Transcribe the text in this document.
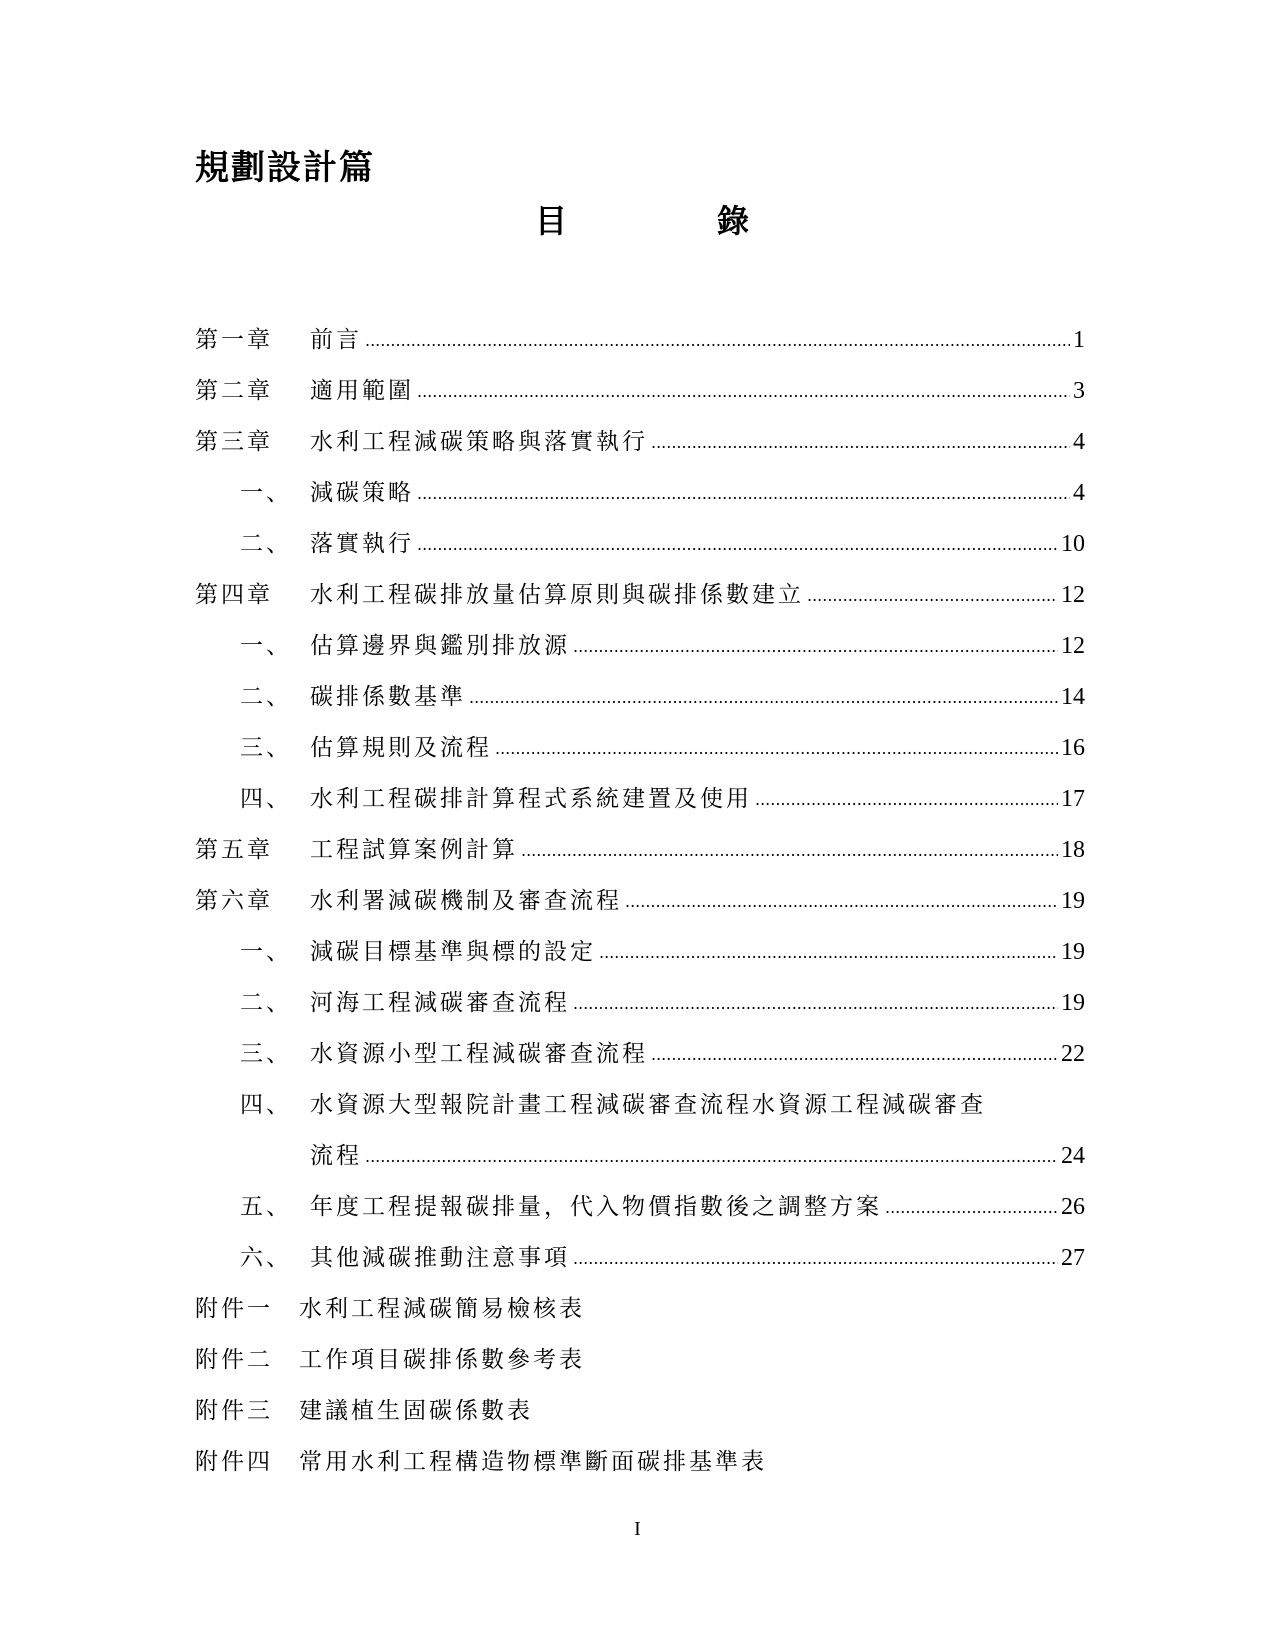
規劃設計篇
目	錄
第一章 前言 .....	1
第二章 適用範圍 .....	3
第三章 水利工程減碳策略與落實執行 .....	4
一、 減碳策略 .....	4
二、 落實執行 .....	10
第四章 水利工程碳排放量估算原則與碳排係數建立 .....	12
一、 估算邊界與鑑別排放源 .....	12
二、 碳排係數基準 .....	14
三、 估算規則及流程 .....	16
四、 水利工程碳排計算程式系統建置及使用 .....	17
第五章 工程試算案例計算 .....	18
第六章 水利署減碳機制及審查流程 .....	19
一、 減碳目標基準與標的設定 .....	19
二、 河海工程減碳審查流程 .....	19
三、 水資源小型工程減碳審查流程 .....	22
四、 水資源大型報院計畫工程減碳審查流程水資源工程減碳審查
流程 .....	24
五、 年度工程提報碳排量，代入物價指數後之調整方案 .....	26
六、 其他減碳推動注意事項 .....	27
附件一 水利工程減碳簡易檢核表
附件二 工作項目碳排係數參考表
附件三 建議植生固碳係數表
附件四 常用水利工程構造物標準斷面碳排基準表
I
